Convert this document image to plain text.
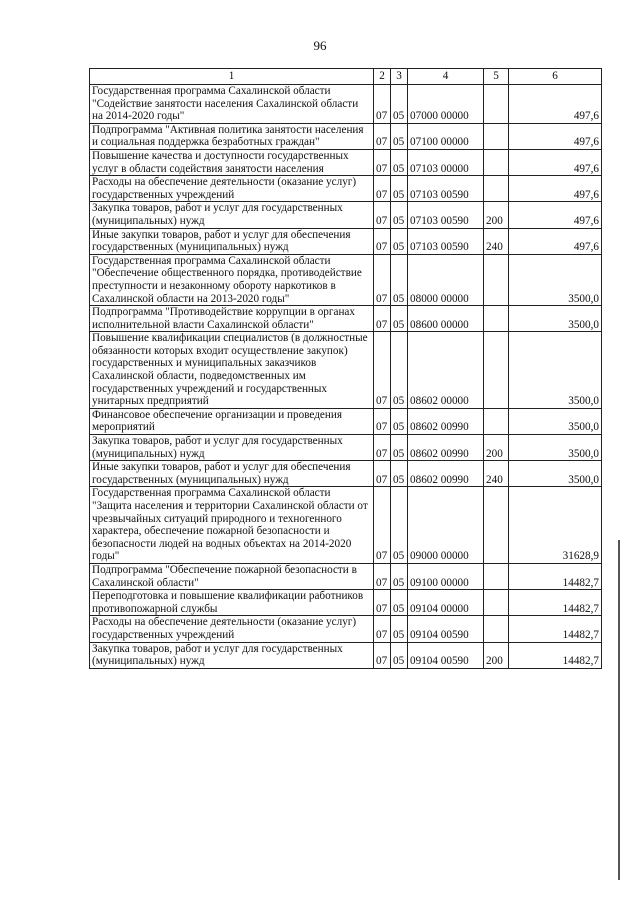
96
1	2	3	4	5	6
Государственная программа Сахалинской области "Содействие занятости населения Сахалинской области на 2014-2020 годы"	07	05	07000 00000		497,6
Подпрограмма "Активная политика занятости населения и социальная поддержка безработных граждан"	07	05	07100 00000		497,6
Повышение качества и доступности государственных услуг в области содействия занятости населения	07	05	07103 00000		497,6
Расходы на обеспечение деятельности (оказание услуг) государственных учреждений	07	05	07103 00590		497,6
Закупка товаров, работ и услуг для государственных (муниципальных) нужд	07	05	07103 00590	200	497,6
Иные закупки товаров, работ и услуг для обеспечения государственных (муниципальных) нужд	07	05	07103 00590	240	497,6
Государственная программа Сахалинской области "Обеспечение общественного порядка, противодействие преступности и незаконному обороту наркотиков в Сахалинской области на 2013-2020 годы"	07	05	08000 00000		3500,0
Подпрограмма "Противодействие коррупции в органах исполнительной власти Сахалинской области"	07	05	08600 00000		3500,0
Повышение квалификации специалистов (в должностные обязанности которых входит осуществление закупок) государственных и муниципальных заказчиков Сахалинской области, подведомственных им государственных учреждений и государственных унитарных предприятий	07	05	08602 00000		3500,0
Финансовое обеспечение организации и проведения мероприятий	07	05	08602 00990		3500,0
Закупка товаров, работ и услуг для государственных (муниципальных) нужд	07	05	08602 00990	200	3500,0
Иные закупки товаров, работ и услуг для обеспечения государственных (муниципальных) нужд	07	05	08602 00990	240	3500,0
Государственная программа Сахалинской области "Защита населения и территории Сахалинской области от чрезвычайных ситуаций природного и техногенного характера, обеспечение пожарной безопасности и безопасности людей на водных объектах на 2014-2020 годы"	07	05	09000 00000		31628,9
Подпрограмма "Обеспечение пожарной безопасности в Сахалинской области"	07	05	09100 00000		14482,7
Переподготовка и повышение квалификации работников противопожарной службы	07	05	09104 00000		14482,7
Расходы на обеспечение деятельности (оказание услуг) государственных учреждений	07	05	09104 00590		14482,7
Закупка товаров, работ и услуг для государственных (муниципальных) нужд	07	05	09104 00590	200	14482,7
